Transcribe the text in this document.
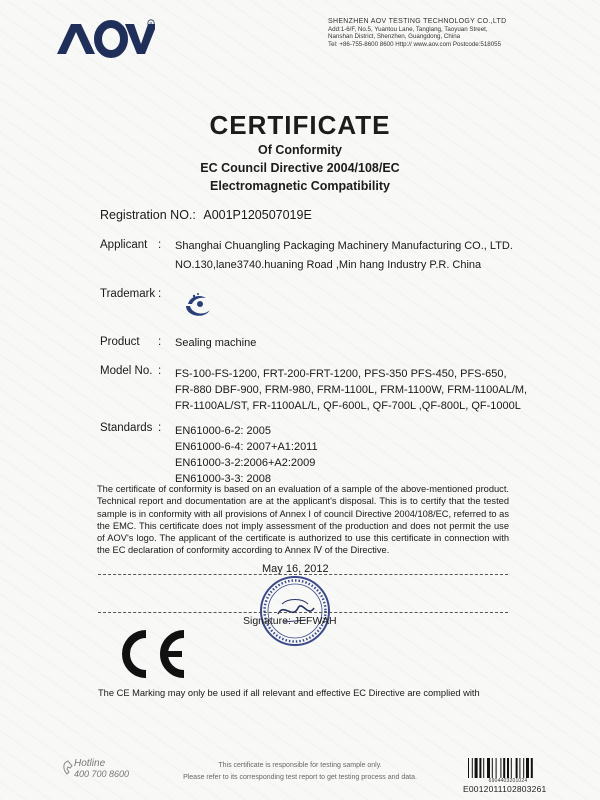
R	SHENZHEN AOV TESTING TECHNOLOGY CO.,LTD
Add:1-6/F, No.5, Yuantou Lane, Tanglang, Taoyuan Street,
Nanshan District, Shenzhen, Guangdong, China
Tel: +86-755-8600 8600 Http:// www.aov.com Postcode:518055
CERTIFICATE
Of Conformity
EC Council Directive 2004/108/EC
Electromagnetic Compatibility
Registration NO.: A001P120507019E
Applicant : Shanghai Chuangling Packaging Machinery Manufacturing CO., LTD.
NO.130,lane3740.huaning Road ,Min hang Industry P.R. China
Trademark :
Product : Sealing machine
Model No. : FS-100-FS-1200, FRT-200-FRT-1200, PFS-350 PFS-450, PFS-650,
FR-880 DBF-900, FRM-980, FRM-1100L, FRM-1100W, FRM-1100AL/M,
FR-1100AL/ST, FR-1100AL/L, QF-600L, QF-700L ,QF-800L, QF-1000L
Standards : EN61000-6-2: 2005
EN61000-6-4: 2007+A1:2011
EN61000-3-2:2006+A2:2009
EN61000-3-3: 2008
The certificate of conformity is based on an evaluation of a sample of the above-mentioned product. Technical report and documentation are at the applicant's disposal. This is to certify that the tested sample is in conformity with all provisions of Annex I of council Directive 2004/108/EC, referred to as the EMC. This certificate does not imply assessment of the production and does not permit the use of AOV's logo. The applicant of the certificate is authorized to use this certificate in connection with the EC declaration of conformity according to Annex Ⅳ of the Directive.
May 16, 2012
Signature: JEFWAH
The CE Marking may only be used if all relevant and effective EC Directive are complied with
Hotline
400 700 8600
This certificate is responsible for testing sample only.
Please refer to its corresponding test report to get testing process and data.	6904403201024
E0012011102803261
